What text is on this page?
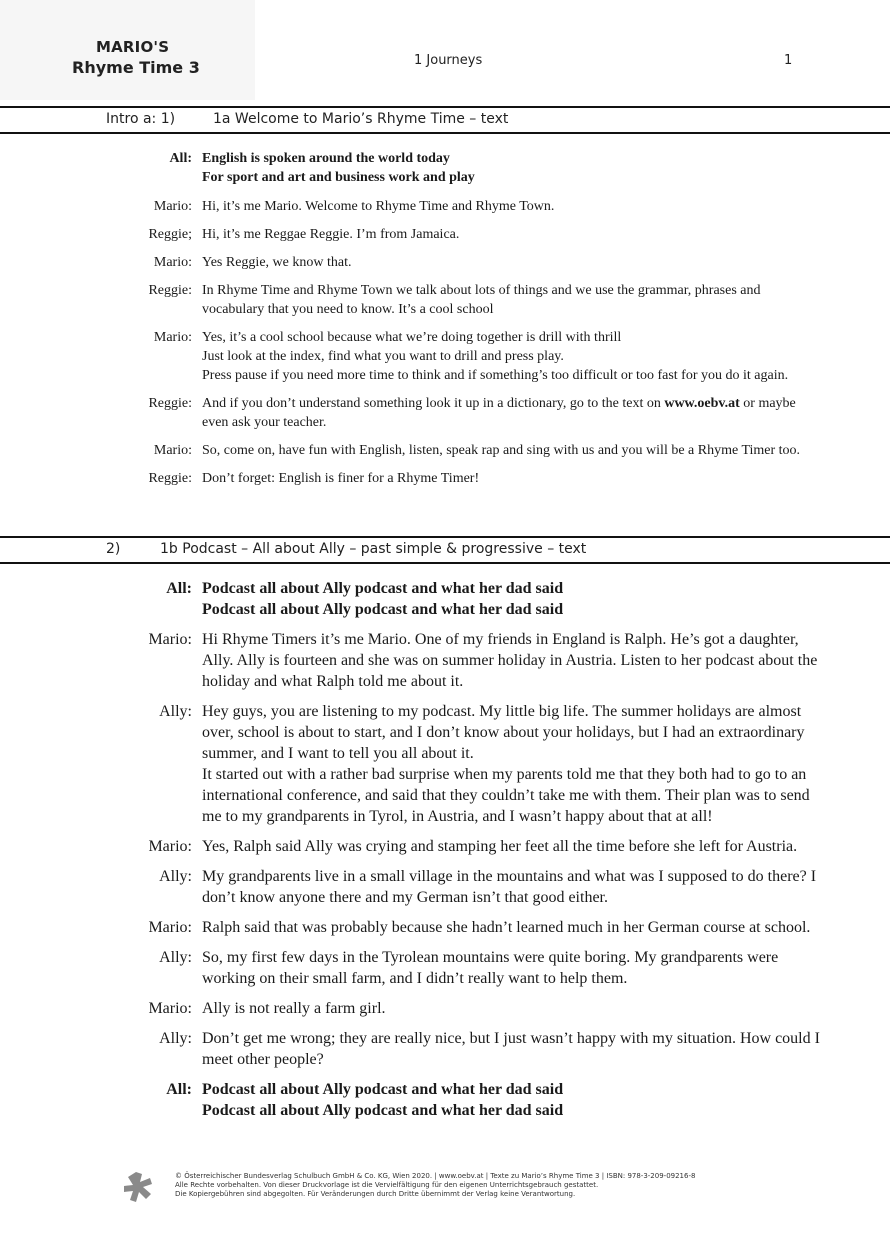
MARIO'S
Rhyme Time 3	1 Journeys	1
Intro a: 1)	1a Welcome to Mario’s Rhyme Time – text
All: English is spoken around the world today

For sport and art and business work and play

Mario: Hi, it’s me Mario. Welcome to Rhyme Time and Rhyme Town.

Reggie; Hi, it’s me Reggae Reggie. I’m from Jamaica.

Mario: Yes Reggie, we know that.

Reggie: In Rhyme Time and Rhyme Town we talk about lots of things and we use the grammar, phrases and vocabulary that you need to know. It’s a cool school

Mario: Yes, it’s a cool school because what we’re doing together is drill with thrill

Just look at the index, find what you want to drill and press play.

Press pause if you need more time to think and if something’s too difficult or too fast for you do it again.

Reggie: And if you don’t understand something look it up in a dictionary, go to the text on www.oebv.at or maybe even ask your teacher.

Mario: So, come on, have fun with English, listen, speak rap and sing with us and you will be a Rhyme Timer too.

Reggie: Don’t forget: English is finer for a Rhyme Timer!

2)	1b Podcast – All about Ally – past simple & progressive – text
All: Podcast all about Ally podcast and what her dad said

Podcast all about Ally podcast and what her dad said

Mario: Hi Rhyme Timers it’s me Mario. One of my friends in England is Ralph. He’s got a daughter, Ally. Ally is fourteen and she was on summer holiday in Austria. Listen to her podcast about the holiday and what Ralph told me about it.

Ally: Hey guys, you are listening to my podcast. My little big life. The summer holidays are almost over, school is about to start, and I don’t know about your holidays, but I had an extraordinary summer, and I want to tell you all about it.

It started out with a rather bad surprise when my parents told me that they both had to go to an international conference, and said that they couldn’t take me with them. Their plan was to send me to my grandparents in Tyrol, in Austria, and I wasn’t happy about that at all!

Mario: Yes, Ralph said Ally was crying and stamping her feet all the time before she left for Austria.

Ally: My grandparents live in a small village in the mountains and what was I supposed to do there? I don’t know anyone there and my German isn’t that good either.

Mario: Ralph said that was probably because she hadn’t learned much in her German course at school.

Ally: So, my first few days in the Tyrolean mountains were quite boring. My grandparents were working on their small farm, and I didn’t really want to help them.

Mario: Ally is not really a farm girl.

Ally: Don’t get me wrong; they are really nice, but I just wasn’t happy with my situation. How could I meet other people?

All: Podcast all about Ally podcast and what her dad said

Podcast all about Ally podcast and what her dad said

© Österreichischer Bundesverlag Schulbuch GmbH & Co. KG, Wien 2020. | www.oebv.at | Texte zu Mario’s Rhyme Time 3 | ISBN: 978-3-209-09216-8
Alle Rechte vorbehalten. Von dieser Druckvorlage ist die Vervielfältigung für den eigenen Unterrichtsgebrauch gestattet.
Die Kopiergebühren sind abgegolten. Für Veränderungen durch Dritte übernimmt der Verlag keine Verantwortung.
